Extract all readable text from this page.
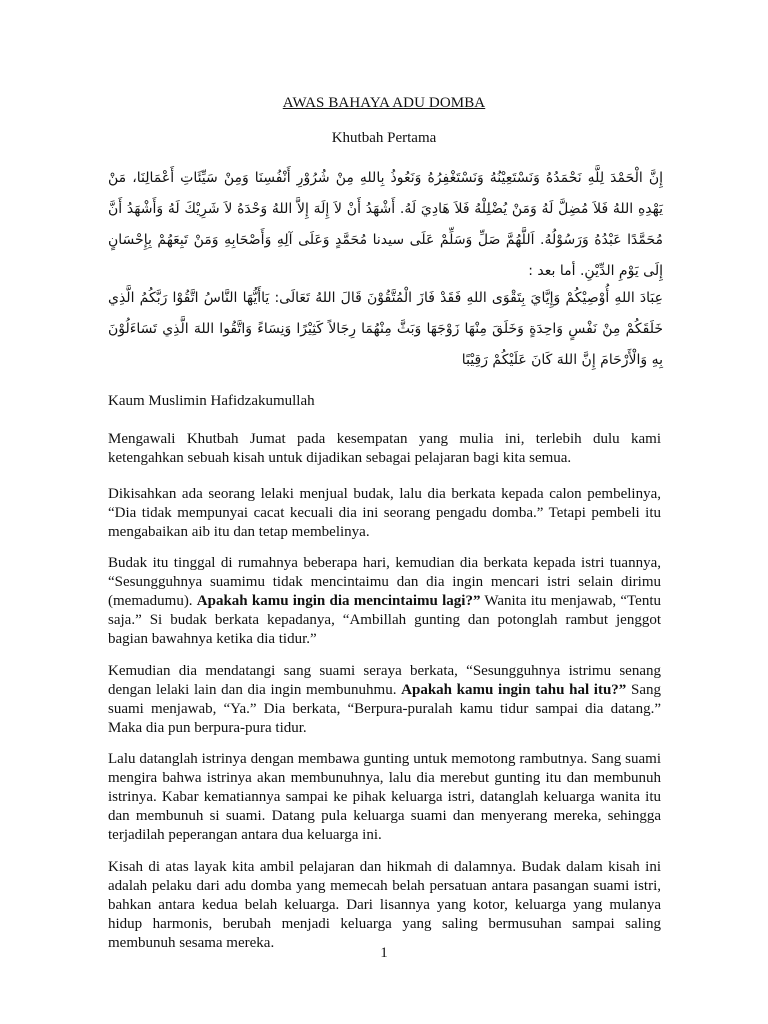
AWAS BAHAYA ADU DOMBA
Khutbah Pertama

إِنَّ الْحَمْدَ لِلَّهِ نَحْمَدُهُ وَنَسْتَعِيْنُهُ وَنَسْتَغْفِرُهُ وَنَعُوذُ بِاللهِ مِنْ شُرُوْرِ أَنْفُسِنَا وَمِنْ سَيِّئَاتِ أَعْمَالِنَا، مَنْ يَهْدِهِ اللهُ فَلاَ مُضِلَّ لَهُ وَمَنْ يُضْلِلْهُ فَلاَ هَادِيَ لَهُ. أَشْهَدُ أَنْ لاَ إِلَهَ إِلاَّ اللهُ وَحْدَهُ لاَ شَرِيْكَ لَهُ وَأَشْهَدُ أَنَّ مُحَمَّدًا عَبْدُهُ وَرَسُوْلُهُ. اَللَّهُمَّ صَلِّ وَسَلِّمْ عَلَى سيدنا مُحَمَّدٍ وَعَلَى آلِهِ وَأَصْحَابِهِ وَمَنْ تَبِعَهُمْ بِإِحْسَانٍ إِلَى يَوْمِ الدِّيْنِ. أما بعد :

عِبَادَ اللهِ أُوْصِيْكُمْ وَإِيَّايَ بِتَقْوَى اللهِ فَقَدْ فَازَ الْمُتَّقُوْنَ قَالَ اللهُ تَعَالَى: يَاأَيُّهَا النَّاسُ اتَّقُوْا رَبَّكُمُ الَّذِي خَلَقَكُمْ مِنْ نَفْسٍ وَاحِدَةٍ وَخَلَقَ مِنْهَا زَوْجَهَا وَبَثَّ مِنْهُمَا رِجَالاً كَثِيْرًا وَنِسَاءً وَاتَّقُوا اللهَ الَّذِي تَسَاءَلُوْنَ بِهِ وَالْأَرْحَامَ إِنَّ اللهَ كَانَ عَلَيْكُمْ رَقِيْبًا

Kaum Muslimin Hafidzakumullah

Mengawali Khutbah Jumat pada kesempatan yang mulia ini, terlebih dulu kami ketengahkan sebuah kisah untuk dijadikan sebagai pelajaran bagi kita semua.

Dikisahkan ada seorang lelaki menjual budak, lalu dia berkata kepada calon pembelinya, “Dia tidak mempunyai cacat kecuali dia ini seorang pengadu domba.” Tetapi pembeli itu mengabaikan aib itu dan tetap membelinya.

Budak itu tinggal di rumahnya beberapa hari, kemudian dia berkata kepada istri tuannya, “Sesungguhnya suamimu tidak mencintaimu dan dia ingin mencari istri selain dirimu (memadumu). Apakah kamu ingin dia mencintaimu lagi?” Wanita itu menjawab, “Tentu saja.” Si budak berkata kepadanya, “Ambillah gunting dan potonglah rambut jenggot bagian bawahnya ketika dia tidur.”

Kemudian dia mendatangi sang suami seraya berkata, “Sesungguhnya istrimu senang dengan lelaki lain dan dia ingin membunuhmu. Apakah kamu ingin tahu hal itu?” Sang suami menjawab, “Ya.” Dia berkata, “Berpura-puralah kamu tidur sampai dia datang.” Maka dia pun berpura-pura tidur.

Lalu datanglah istrinya dengan membawa gunting untuk memotong rambutnya. Sang suami mengira bahwa istrinya akan membunuhnya, lalu dia merebut gunting itu dan membunuh istrinya. Kabar kematiannya sampai ke pihak keluarga istri, datanglah keluarga wanita itu dan membunuh si suami. Datang pula keluarga suami dan menyerang mereka, sehingga terjadilah peperangan antara dua keluarga ini.

Kisah di atas layak kita ambil pelajaran dan hikmah di dalamnya. Budak dalam kisah ini adalah pelaku dari adu domba yang memecah belah persatuan antara pasangan suami istri, bahkan antara kedua belah keluarga. Dari lisannya yang kotor, keluarga yang mulanya hidup harmonis, berubah menjadi keluarga yang saling bermusuhan sampai saling membunuh sesama mereka.

1
